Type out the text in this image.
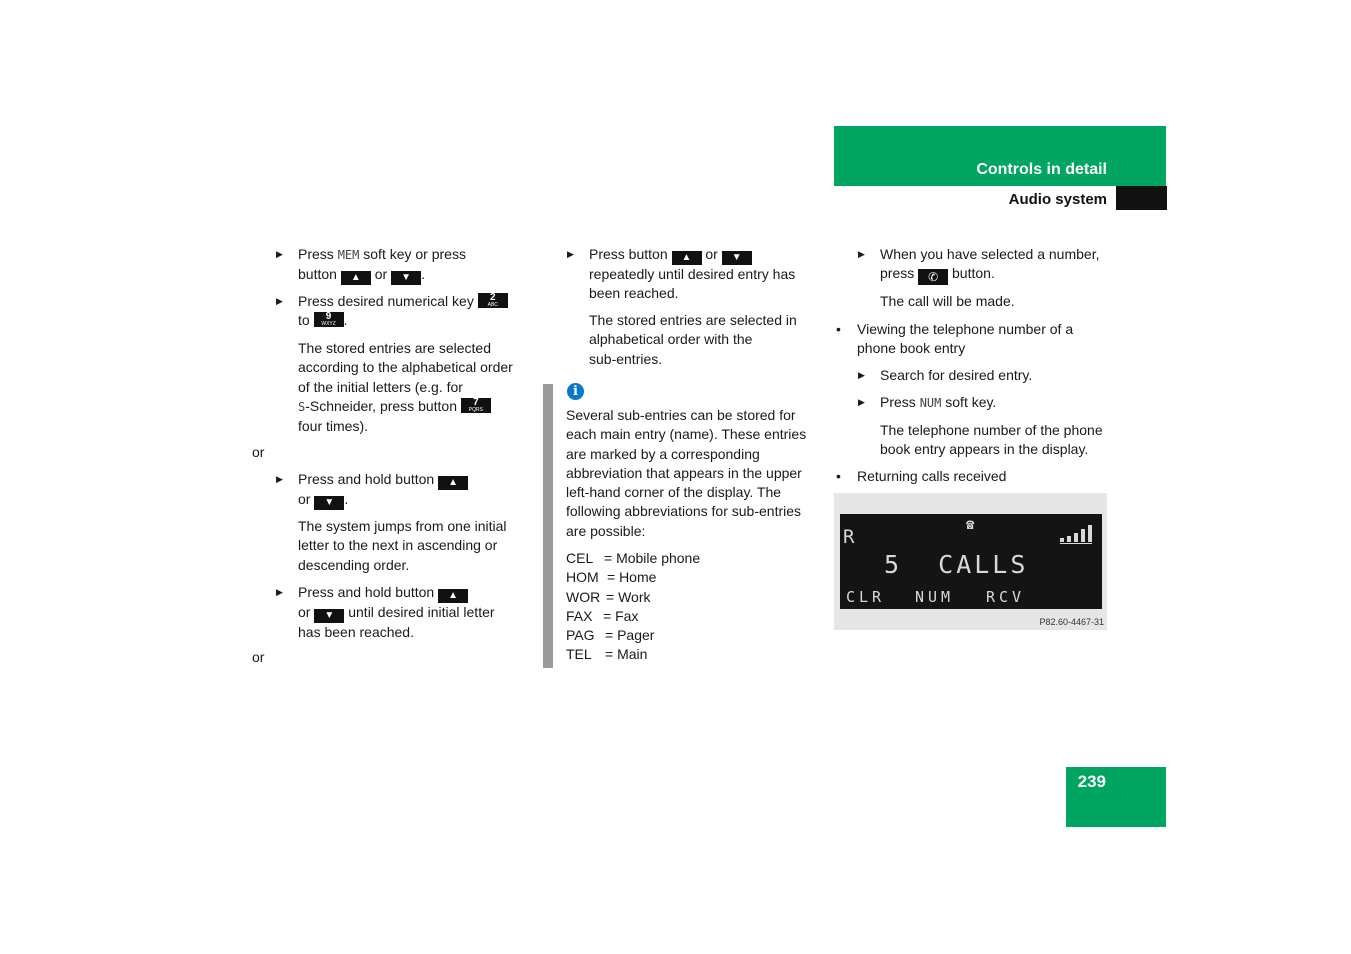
Controls in detail
Audio system
▶ Press MEM soft key or press
button ▲ or ▼ .
▶ Press desired numerical key	2
ABC

to	9
WXYZ .
The stored entries are selected
according to the alphabetical order
of the initial letters (e.g. for
S-Schneider, press button	7
PQRS
four times).
or
▶ Press and hold button ▲
or ▼ .
The system jumps from one initial
letter to the next in ascending or
descending order.
▶ Press and hold button ▲
or ▼ until desired initial letter
has been reached.
or
▶ Press button ▲ or ▼
repeatedly until desired entry has
been reached.
The stored entries are selected in
alphabetical order with the
sub-entries.
i
Several sub-entries can be stored for
each main entry (name). These entries
are marked by a corresponding
abbreviation that appears in the upper
left-hand corner of the display. The
following abbreviations for sub-entries
are possible:
CEL = Mobile phone
HOM = Home
WOR = Work
FAX = Fax
PAG = Pager
TEL = Main
▶ When you have selected a number,
press ✆ button.
The call will be made.
• Viewing the telephone number of a
phone book entry
▶ Search for desired entry.
▶ Press NUM soft key.
The telephone number of the phone
book entry appears in the display.
• Returning calls received
R
☎
5  CALLS
CLR NUM RCV
P82.60-4467-31
239
